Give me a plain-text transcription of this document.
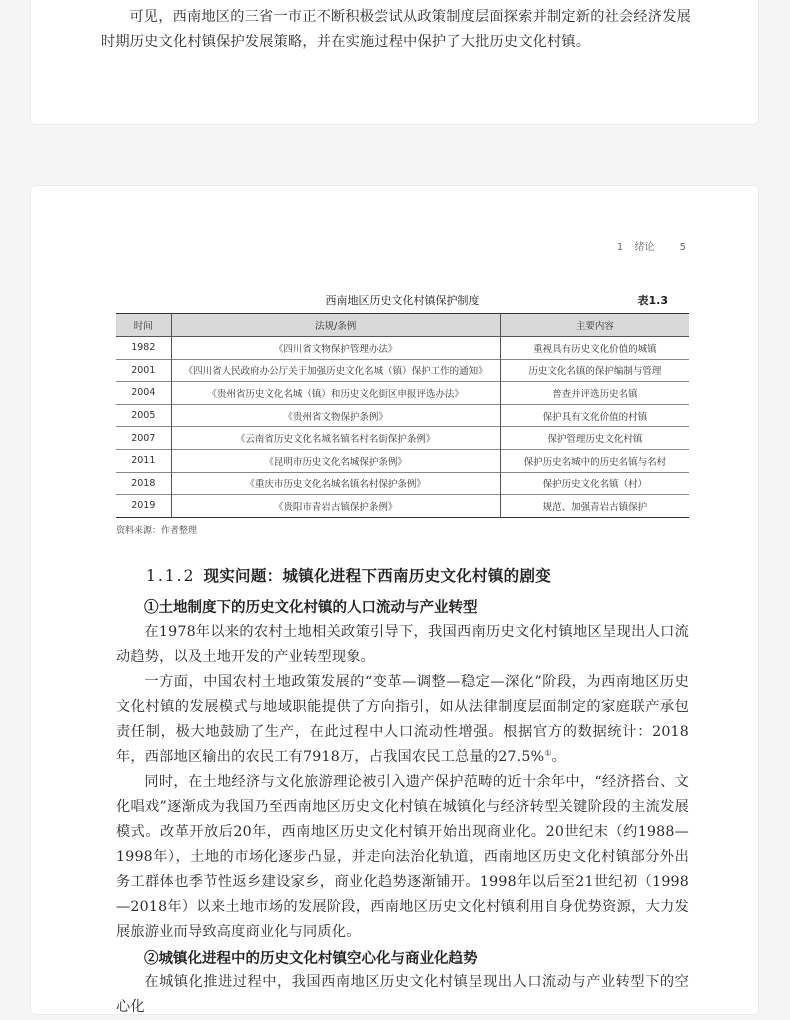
可见，西南地区的三省一市正不断积极尝试从政策制度层面探索并制定新的社会经济发展时期历史文化村镇保护发展策略，并在实施过程中保护了大批历史文化村镇。

1 绪论	5
西南地区历史文化村镇保护制度	表1.3
时间	法规/条例	主要内容
1982	《四川省文物保护管理办法》	重视具有历史文化价值的城镇
2001	《四川省人民政府办公厅关于加强历史文化名城（镇）保护工作的通知》	历史文化名镇的保护编制与管理
2004	《贵州省历史文化名城（镇）和历史文化街区申报评选办法》	普查并评选历史名镇
2005	《贵州省文物保护条例》	保护具有文化价值的村镇
2007	《云南省历史文化名城名镇名村名街保护条例》	保护管理历史文化村镇
2011	《昆明市历史文化名城保护条例》	保护历史名城中的历史名镇与名村
2018	《重庆市历史文化名城名镇名村保护条例》	保护历史文化名镇（村）
2019	《贵阳市青岩古镇保护条例》	规范、加强青岩古镇保护
资料来源：作者整理
1.1.2 现实问题：城镇化进程下西南历史文化村镇的剧变
①土地制度下的历史文化村镇的人口流动与产业转型

在1978年以来的农村土地相关政策引导下，我国西南历史文化村镇地区呈现出人口流动趋势，以及土地开发的产业转型现象。

一方面，中国农村土地政策发展的“变革—调整—稳定—深化”阶段，为西南地区历史文化村镇的发展模式与地域职能提供了方向指引，如从法律制度层面制定的家庭联产承包责任制，极大地鼓励了生产，在此过程中人口流动性增强。根据官方的数据统计：2018年，西部地区输出的农民工有7918万，占我国农民工总量的27.5%①。

同时，在土地经济与文化旅游理论被引入遗产保护范畴的近十余年中，“经济搭台、文化唱戏”逐渐成为我国乃至西南地区历史文化村镇在城镇化与经济转型关键阶段的主流发展模式。改革开放后20年，西南地区历史文化村镇开始出现商业化。20世纪末（约1988—1998年），土地的市场化逐步凸显，并走向法治化轨道，西南地区历史文化村镇部分外出务工群体也季节性返乡建设家乡，商业化趋势逐渐铺开。1998年以后至21世纪初（1998—2018年）以来土地市场的发展阶段，西南地区历史文化村镇利用自身优势资源，大力发展旅游业而导致高度商业化与同质化。

②城镇化进程中的历史文化村镇空心化与商业化趋势

在城镇化推进过程中，我国西南地区历史文化村镇呈现出人口流动与产业转型下的空心化
